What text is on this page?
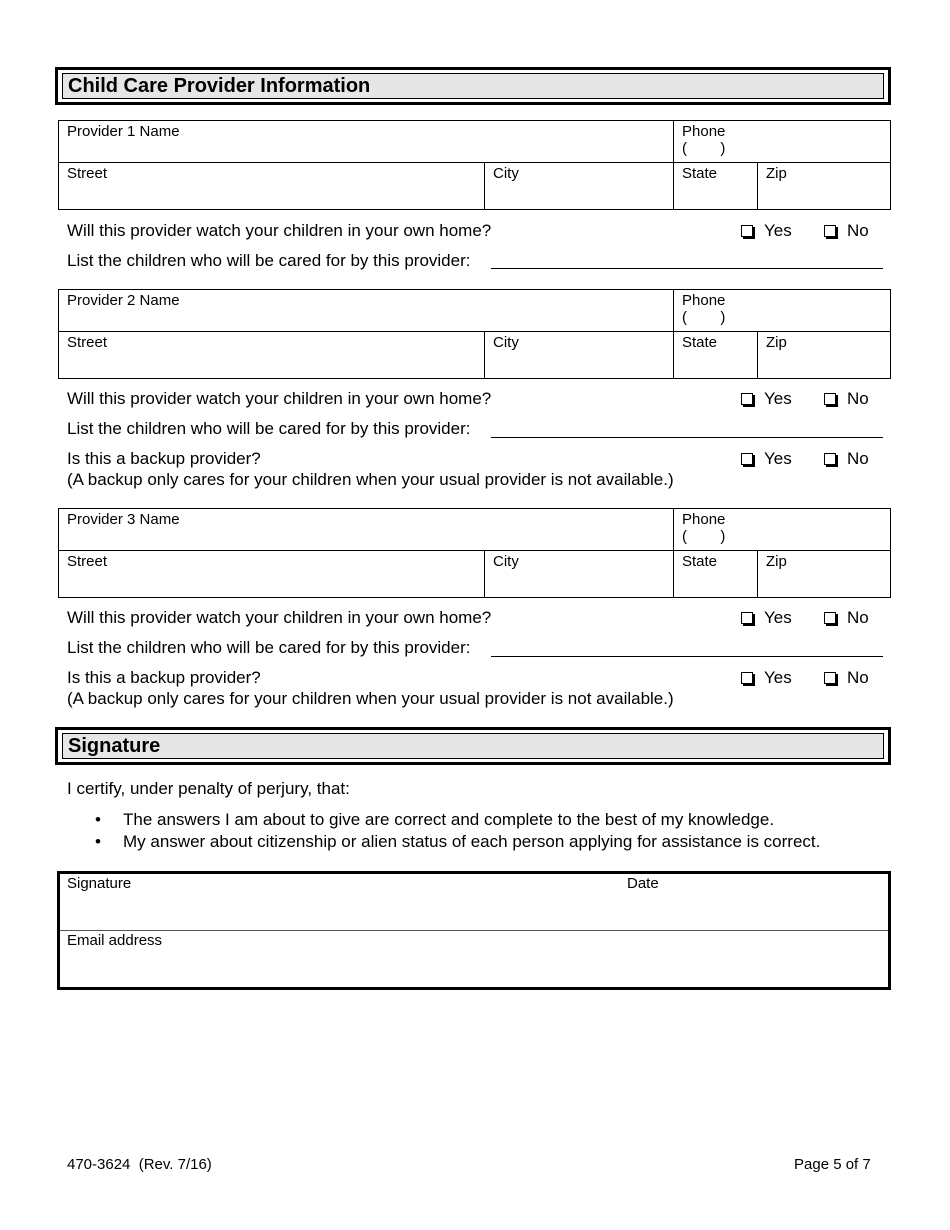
Child Care Provider Information
Provider 1 Name	Phone
(        )
Street	City	State	Zip
Will this provider watch your children in your own home?	Yes	No
List the children who will be cared for by this provider:
Provider 2 Name	Phone
(        )
Street	City	State	Zip
Will this provider watch your children in your own home?	Yes	No
List the children who will be cared for by this provider:
Is this a backup provider?
(A backup only cares for your children when your usual provider is not available.)
Yes	No
Provider 3 Name	Phone
(        )
Street	City	State	Zip
Will this provider watch your children in your own home?	Yes	No
List the children who will be cared for by this provider:
Is this a backup provider?
(A backup only cares for your children when your usual provider is not available.)
Yes	No
Signature
I certify, under penalty of perjury, that:
• The answers I am about to give are correct and complete to the best of my knowledge.
• My answer about citizenship or alien status of each person applying for assistance is correct.
Signature	Date
Email address
470-3624  (Rev. 7/16)	Page 5 of 7
